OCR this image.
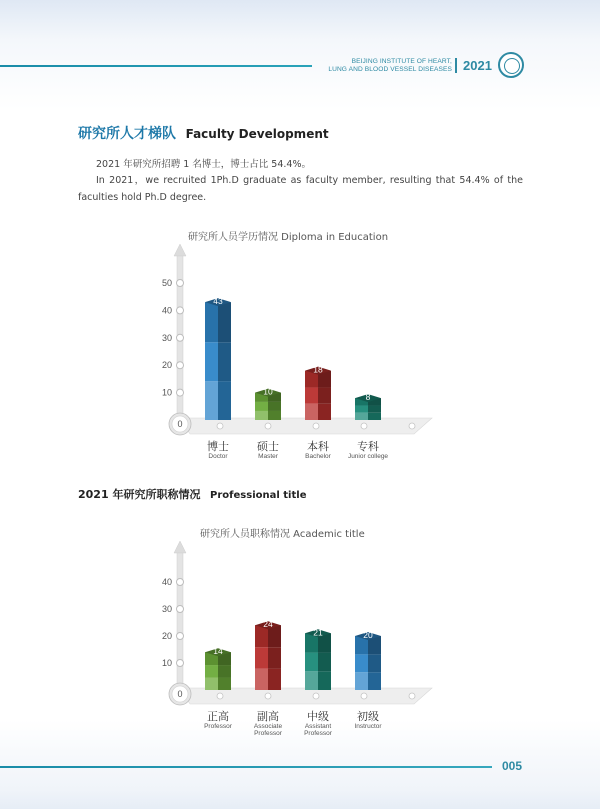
BEIJING INSTITUTE OF HEART,
LUNG AND BLOOD VESSEL DISEASES 2021
研究所人才梯队 Faculty Development
2021 年研究所招聘 1 名博士，博士占比 54.4%。
In 2021，we recruited 1Ph.D graduate as faculty member, resulting that 54.4% of the faculties hold Ph.D degree.
研究所人员学历情况 Diploma in Education
10
20
30
40
50
0
43
博士
Doctor
10
硕士
Master
18
本科
Bachelor
8
专科
Junior college
2021 年研究所职称情况 Professional title
研究所人员职称情况 Academic title
10
20
30
40
0
14
正高
Professor
24
副高
Associate
Professor
21
中级
Assistant
Professor
20
初级
Instructor
005
